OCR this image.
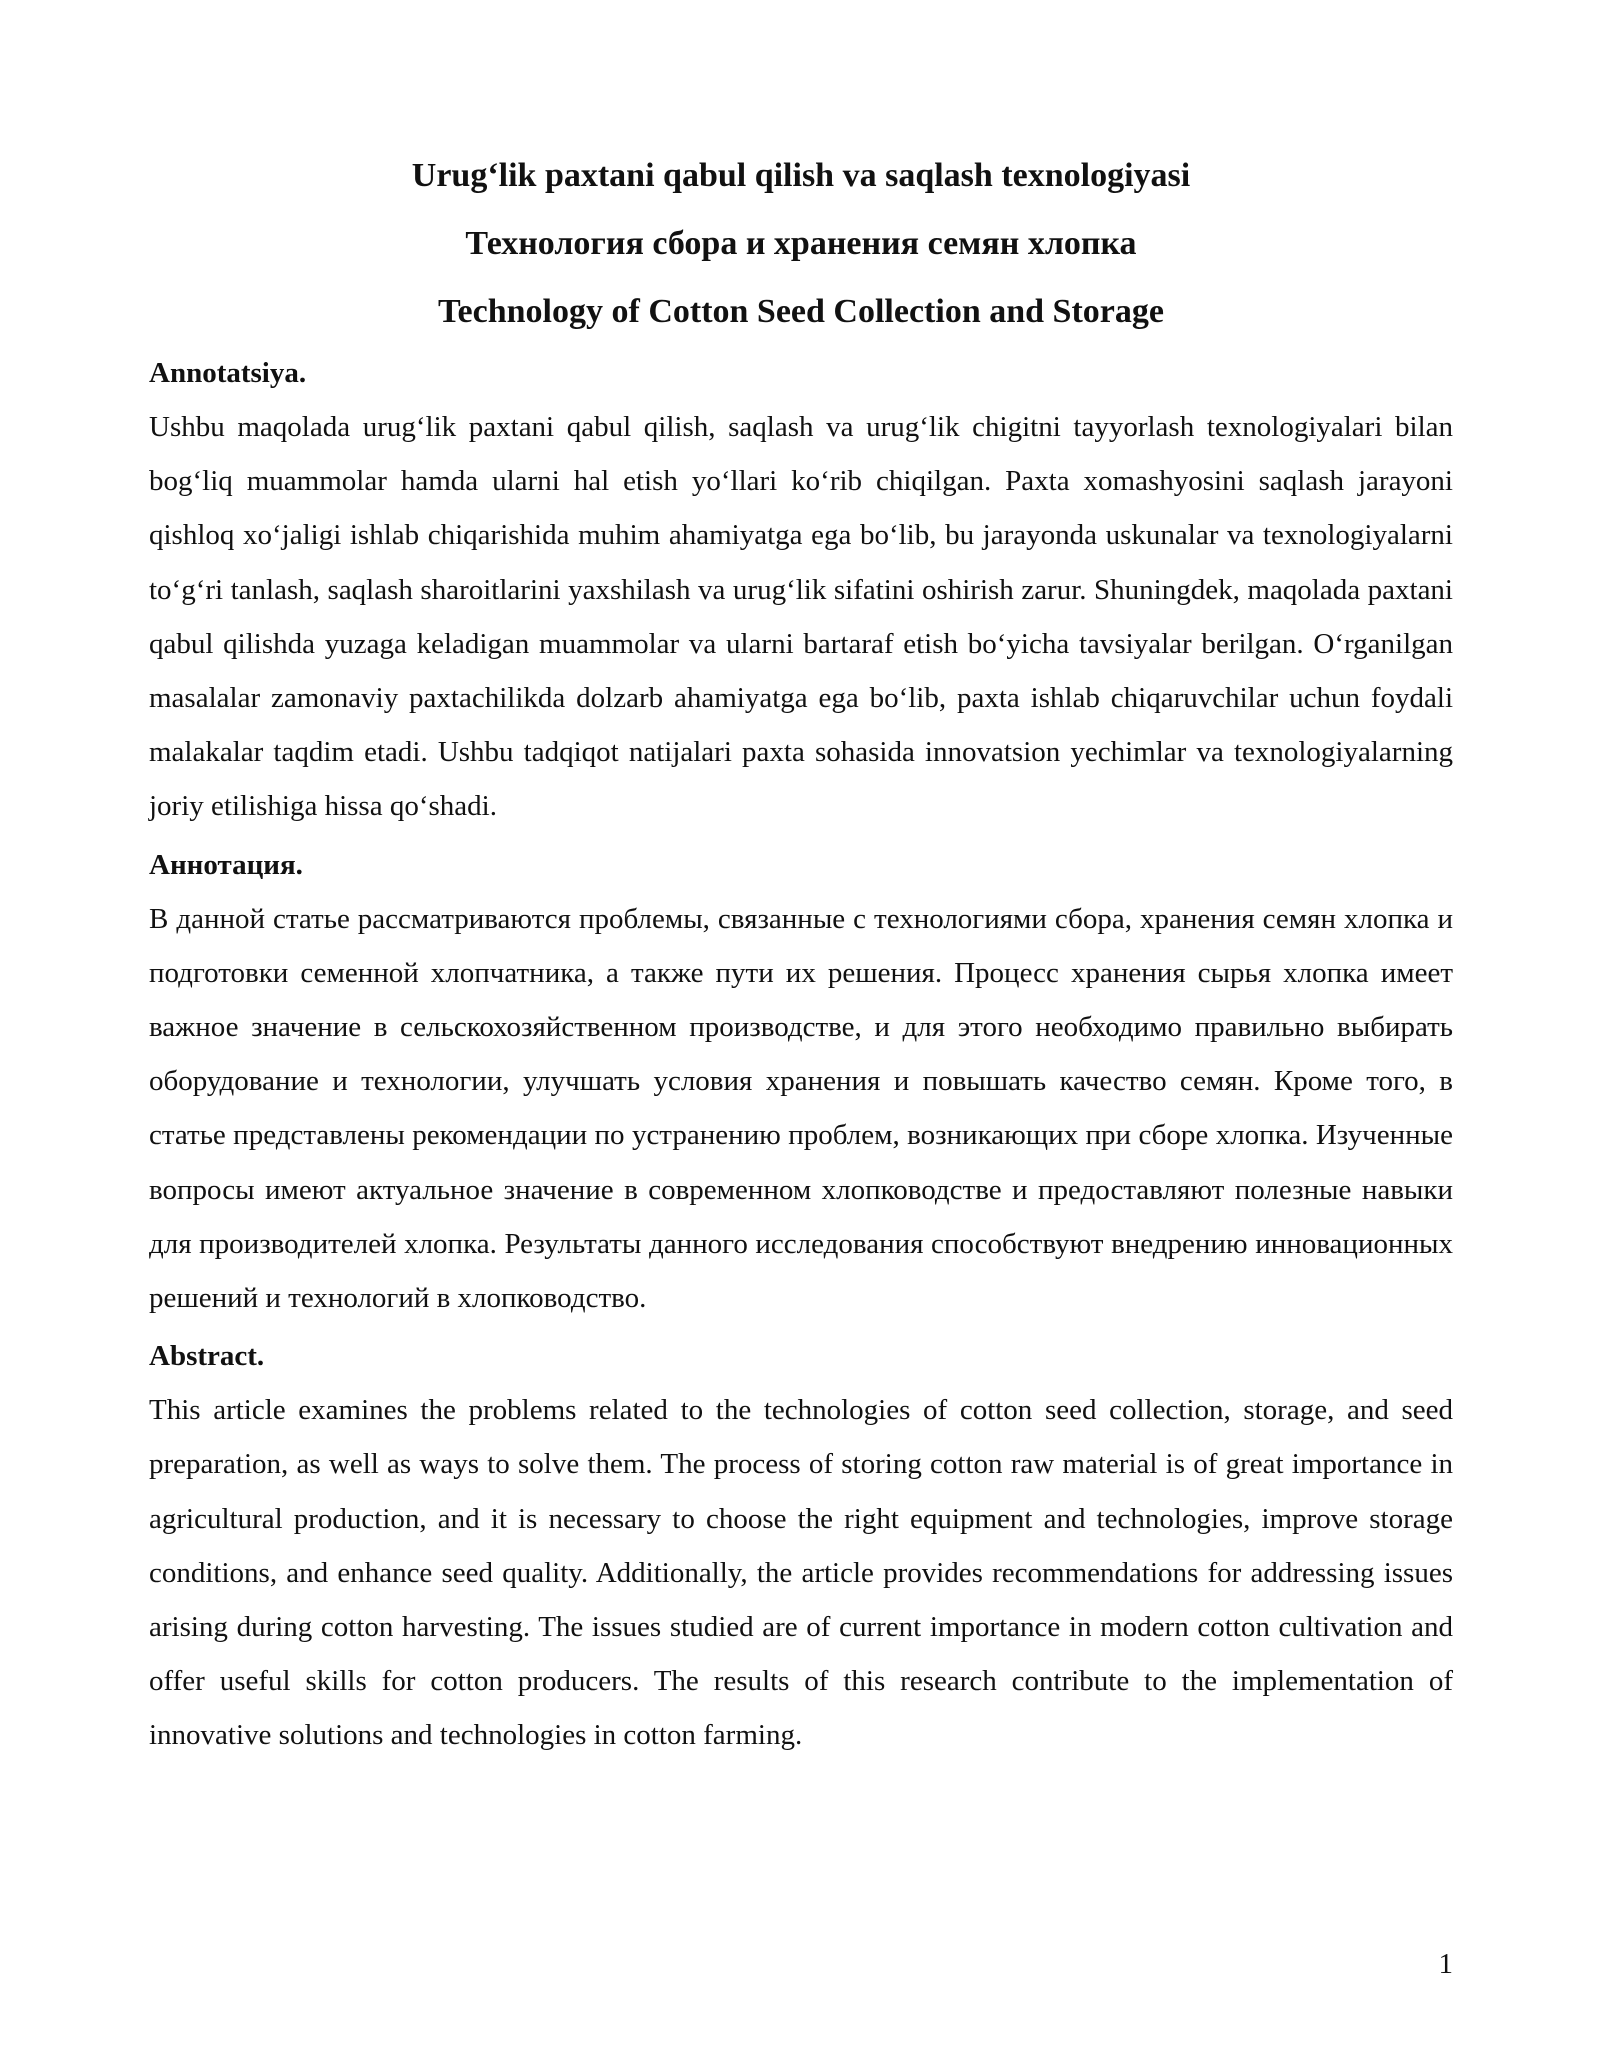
Urug‘lik paxtani qabul qilish va saqlash texnologiyasi
Технология сбора и хранения семян хлопка
Technology of Cotton Seed Collection and Storage
Annotatsiya.

Ushbu maqolada urug‘lik paxtani qabul qilish, saqlash va urug‘lik chigitni tayyorlash texnologiyalari bilan bog‘liq muammolar hamda ularni hal etish yo‘llari ko‘rib chiqilgan. Paxta xomashyosini saqlash jarayoni qishloq xo‘jaligi ishlab chiqarishida muhim ahamiyatga ega bo‘lib, bu jarayonda uskunalar va texnologiyalarni to‘g‘ri tanlash, saqlash sharoitlarini yaxshilash va urug‘lik sifatini oshirish zarur. Shuningdek, maqolada paxtani qabul qilishda yuzaga keladigan muammolar va ularni bartaraf etish bo‘yicha tavsiyalar berilgan. O‘rganilgan masalalar zamonaviy paxtachilikda dolzarb ahamiyatga ega bo‘lib, paxta ishlab chiqaruvchilar uchun foydali malakalar taqdim etadi. Ushbu tadqiqot natijalari paxta sohasida innovatsion yechimlar va texnologiyalarning joriy etilishiga hissa qo‘shadi.

Аннотация.

В данной статье рассматриваются проблемы, связанные с технологиями сбора, хранения семян хлопка и подготовки семенной хлопчатника, а также пути их решения. Процесс хранения сырья хлопка имеет важное значение в сельскохозяйственном производстве, и для этого необходимо правильно выбирать оборудование и технологии, улучшать условия хранения и повышать качество семян. Кроме того, в статье представлены рекомендации по устранению проблем, возникающих при сборе хлопка. Изученные вопросы имеют актуальное значение в современном хлопководстве и предоставляют полезные навыки для производителей хлопка. Результаты данного исследования способствуют внедрению инновационных решений и технологий в хлопководство.

Abstract.

This article examines the problems related to the technologies of cotton seed collection, storage, and seed preparation, as well as ways to solve them. The process of storing cotton raw material is of great importance in agricultural production, and it is necessary to choose the right equipment and technologies, improve storage conditions, and enhance seed quality. Additionally, the article provides recommendations for addressing issues arising during cotton harvesting. The issues studied are of current importance in modern cotton cultivation and offer useful skills for cotton producers. The results of this research contribute to the implementation of innovative solutions and technologies in cotton farming.

1
